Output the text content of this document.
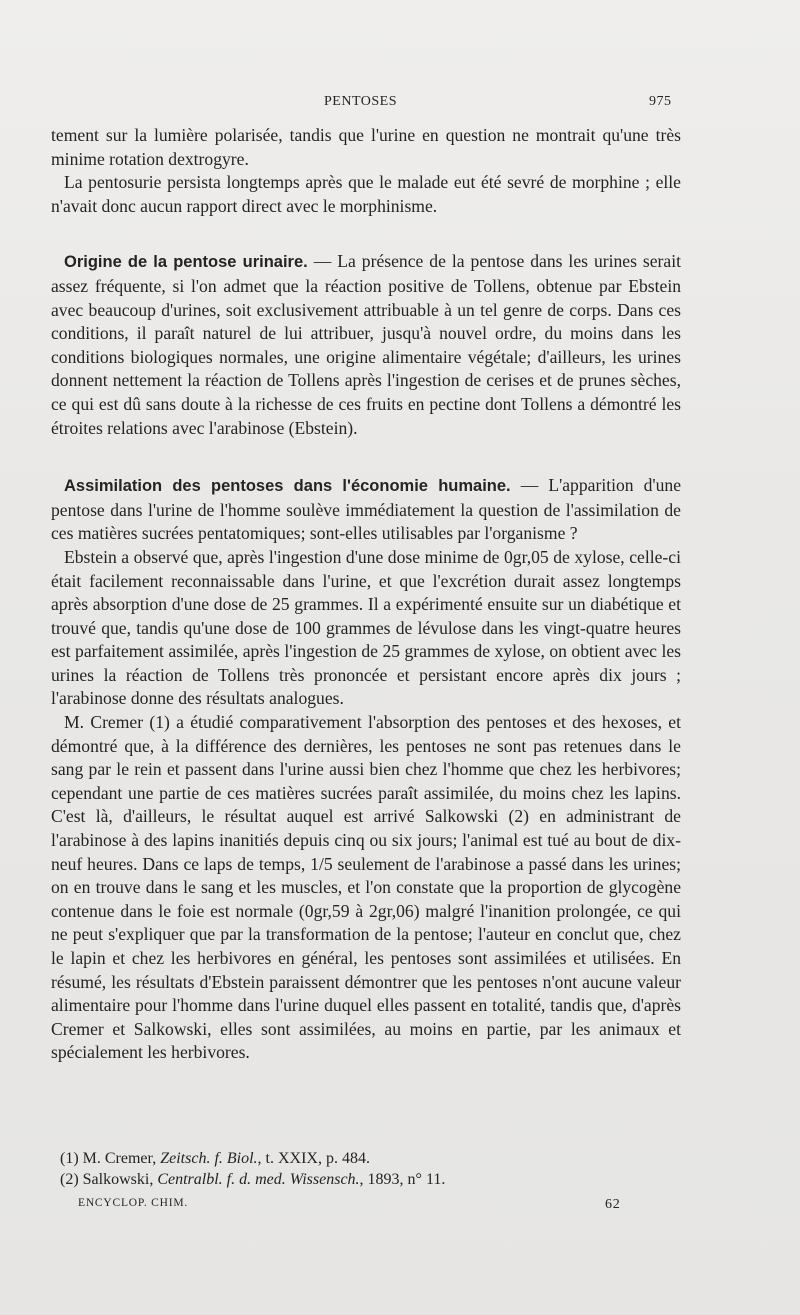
PENTOSES	975

tement sur la lumière polarisée, tandis que l'urine en question ne montrait qu'une très minime rotation dextrogyre.

La pentosurie persista longtemps après que le malade eut été sevré de morphine ; elle n'avait donc aucun rapport direct avec le morphinisme.

Origine de la pentose urinaire. — La présence de la pentose dans les urines serait assez fréquente, si l'on admet que la réaction positive de Tollens, obtenue par Ebstein avec beaucoup d'urines, soit exclusivement attribuable à un tel genre de corps. Dans ces conditions, il paraît naturel de lui attribuer, jusqu'à nouvel ordre, du moins dans les conditions biologiques normales, une origine alimentaire végétale; d'ailleurs, les urines donnent nettement la réaction de Tollens après l'ingestion de cerises et de prunes sèches, ce qui est dû sans doute à la richesse de ces fruits en pectine dont Tollens a démontré les étroites relations avec l'arabinose (Ebstein).

Assimilation des pentoses dans l'économie humaine. — L'apparition d'une pentose dans l'urine de l'homme soulève immédiatement la question de l'assimilation de ces matières sucrées pentatomiques; sont-elles utilisables par l'organisme ?

Ebstein a observé que, après l'ingestion d'une dose minime de 0gr,05 de xylose, celle-ci était facilement reconnaissable dans l'urine, et que l'excrétion durait assez longtemps après absorption d'une dose de 25 grammes. Il a expérimenté ensuite sur un diabétique et trouvé que, tandis qu'une dose de 100 grammes de lévulose dans les vingt-quatre heures est parfaitement assimilée, après l'ingestion de 25 grammes de xylose, on obtient avec les urines la réaction de Tollens très prononcée et persistant encore après dix jours ; l'arabinose donne des résultats analogues.

M. Cremer (1) a étudié comparativement l'absorption des pentoses et des hexoses, et démontré que, à la différence des dernières, les pentoses ne sont pas retenues dans le sang par le rein et passent dans l'urine aussi bien chez l'homme que chez les herbivores; cependant une partie de ces matières sucrées paraît assimilée, du moins chez les lapins. C'est là, d'ailleurs, le résultat auquel est arrivé Salkowski (2) en administrant de l'arabinose à des lapins inanitiés depuis cinq ou six jours; l'animal est tué au bout de dix-neuf heures. Dans ce laps de temps, 1/5 seulement de l'arabinose a passé dans les urines; on en trouve dans le sang et les muscles, et l'on constate que la proportion de glycogène contenue dans le foie est normale (0gr,59 à 2gr,06) malgré l'inanition prolongée, ce qui ne peut s'expliquer que par la transformation de la pentose; l'auteur en conclut que, chez le lapin et chez les herbivores en général, les pentoses sont assimilées et utilisées. En résumé, les résultats d'Ebstein paraissent démontrer que les pentoses n'ont aucune valeur alimentaire pour l'homme dans l'urine duquel elles passent en totalité, tandis que, d'après Cremer et Salkowski, elles sont assimilées, au moins en partie, par les animaux et spécialement les herbivores.

(1) M. Cremer, Zeitsch. f. Biol., t. XXIX, p. 484.

(2) Salkowski, Centralbl. f. d. med. Wissensch., 1893, n° 11.

ENCYCLOP. CHIM.	62
